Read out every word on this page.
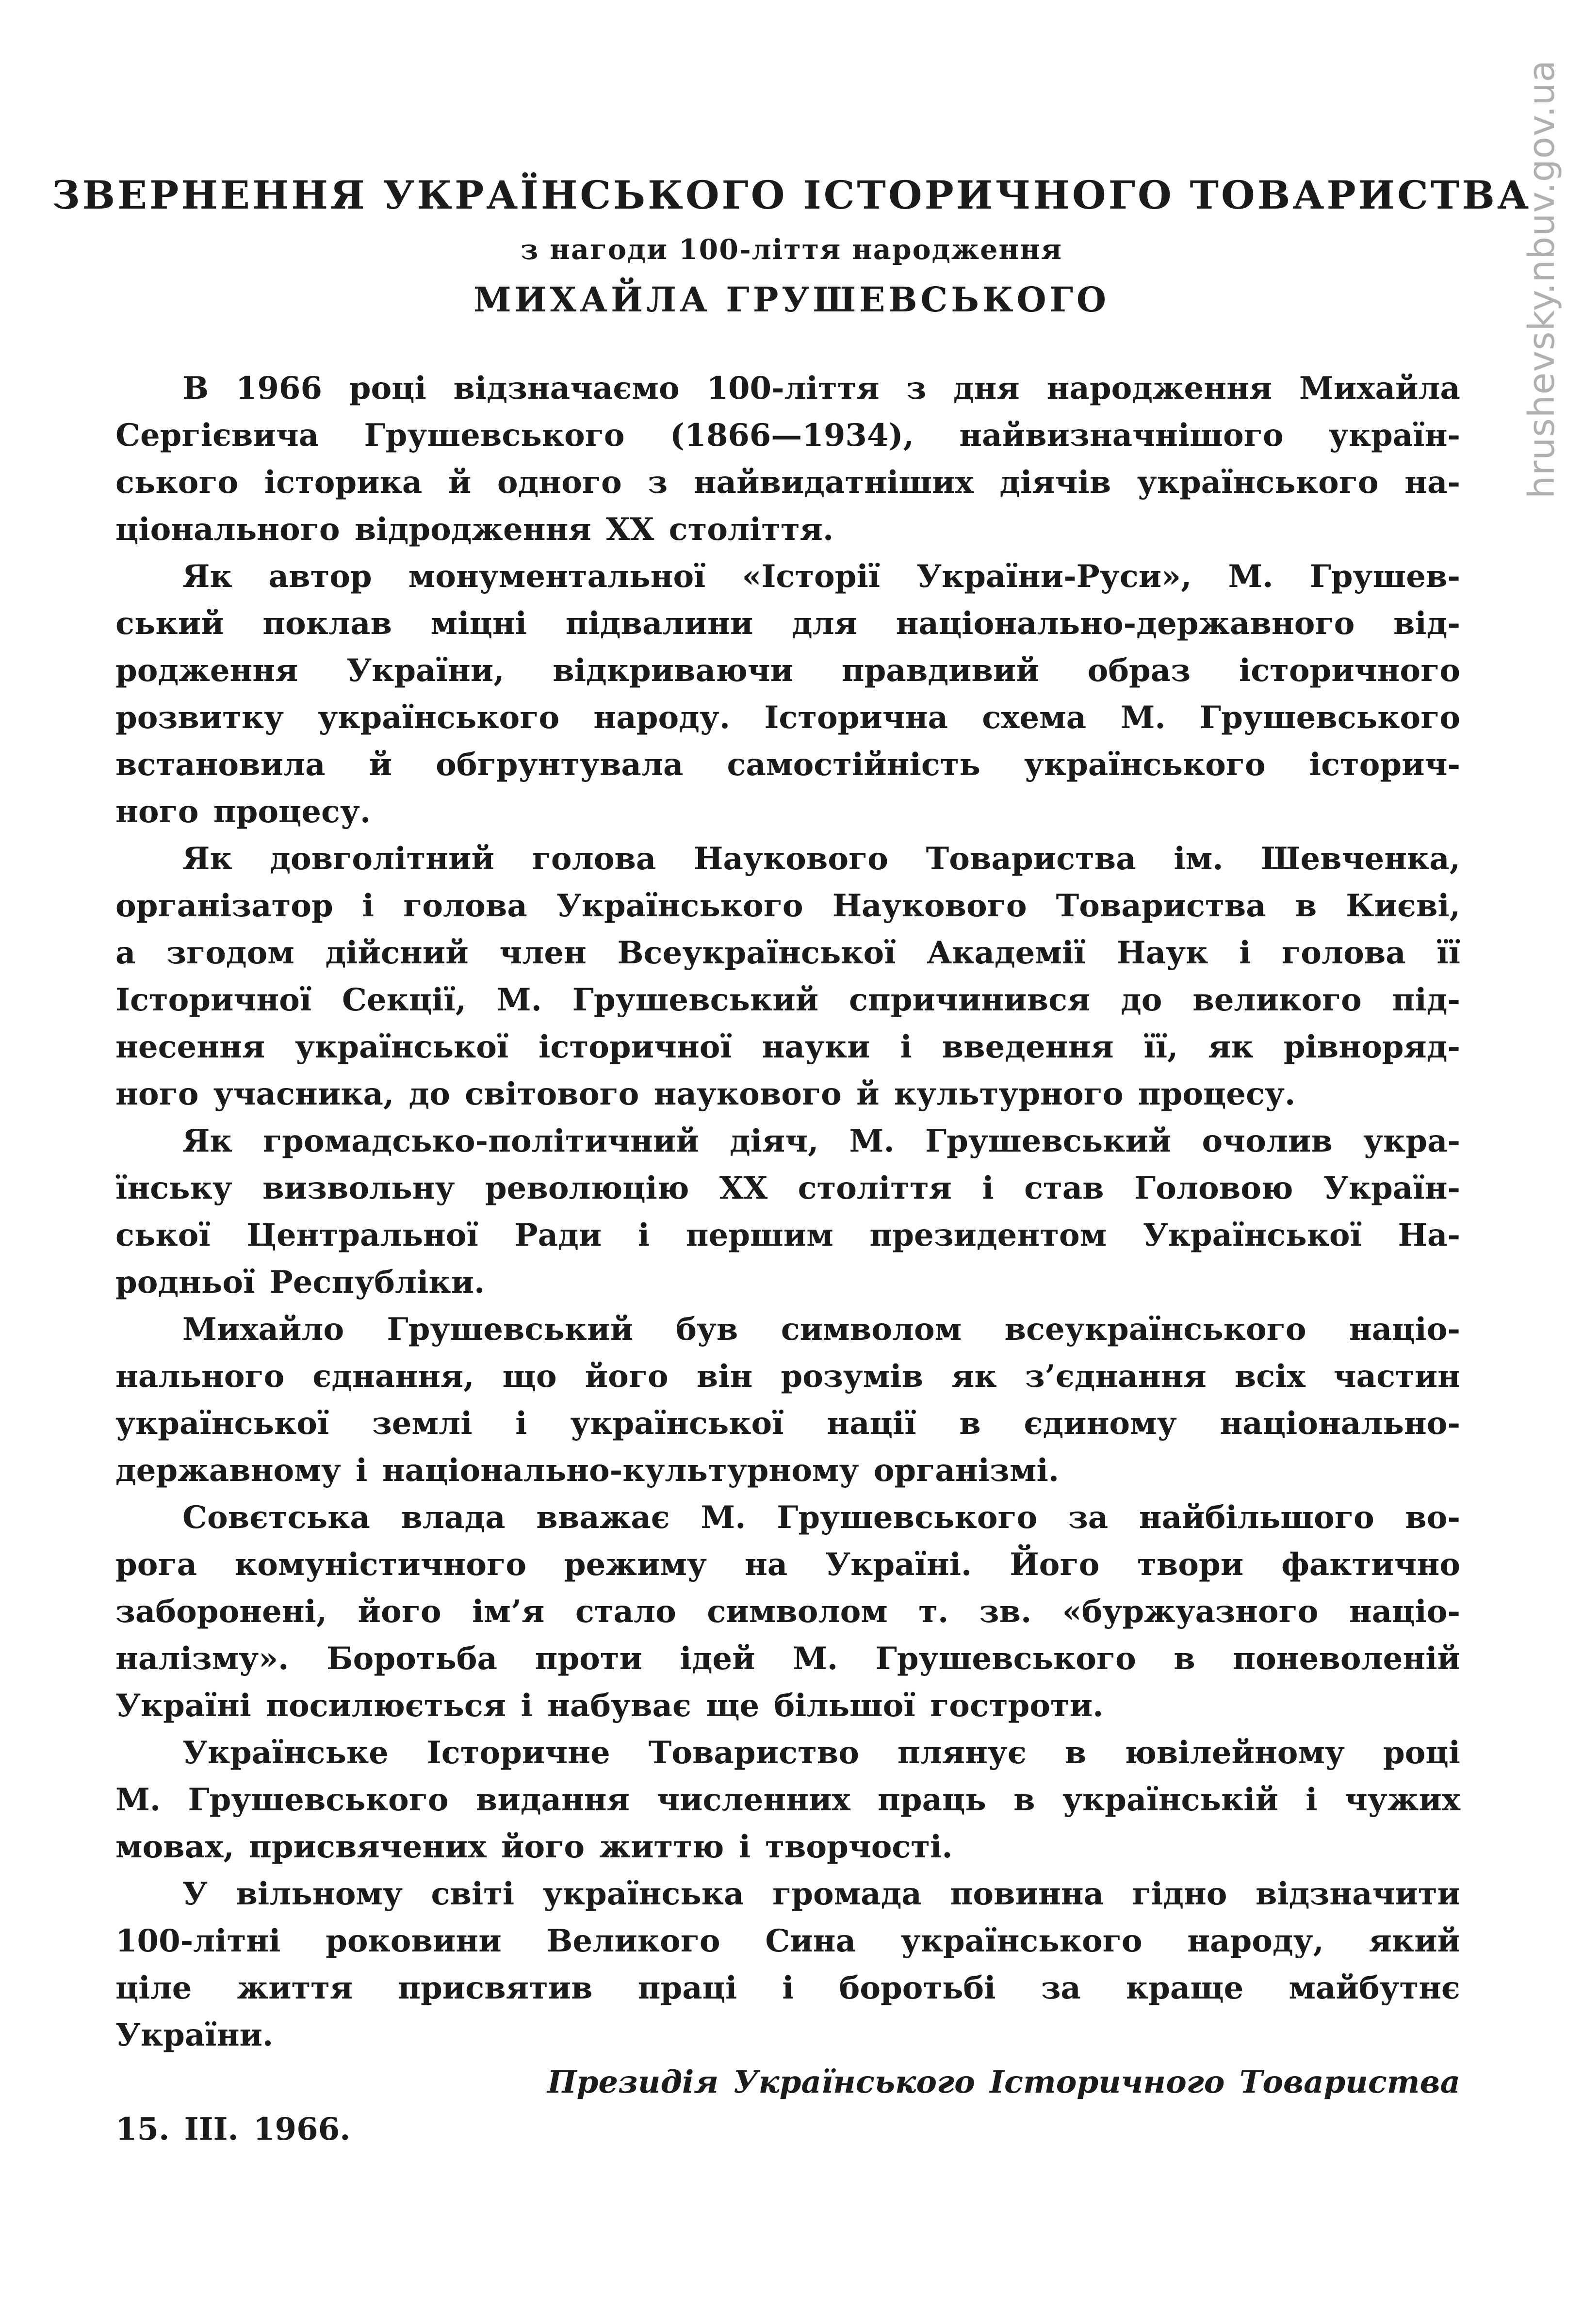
hrushevsky.nbuv.gov.ua
ЗВЕРНЕННЯ УКРАЇНСЬКОГО ІСТОРИЧНОГО ТОВАРИСТВА
з нагоди 100-ліття народження
МИХАЙЛА ГРУШЕВСЬКОГО
В 1966 році відзначаємо 100-ліття з дня народження Михайла
Сергієвича Грушевського (1866—1934), найвизначнішого україн-
ського історика й одного з найвидатніших діячів українського на-
ціонального відродження XX століття.
Як автор монументальної «Історії України-Руси», М. Грушев-
ський поклав міцні підвалини для національно-державного від-
родження України, відкриваючи правдивий образ історичного
розвитку українського народу. Історична схема М. Грушевського
встановила й обгрунтувала самостійність українського історич-
ного процесу.
Як довголітний голова Наукового Товариства ім. Шевченка,
організатор і голова Українського Наукового Товариства в Києві,
а згодом дійсний член Всеукраїнської Академії Наук і голова її
Історичної Секції, М. Грушевський спричинився до великого під-
несення української історичної науки і введення її, як рівноряд-
ного учасника, до світового наукового й культурного процесу.
Як громадсько-політичний діяч, М. Грушевський очолив укра-
їнську визвольну революцію XX століття і став Головою Україн-
ської Центральної Ради і першим президентом Української На-
родньої Республіки.
Михайло Грушевський був символом всеукраїнського націо-
нального єднання, що його він розумів як з’єднання всіх частин
української землі і української нації в єдиному національно-
державному і національно-культурному організмі.
Совєтська влада вважає М. Грушевського за найбільшого во-
рога комуністичного режиму на Україні. Його твори фактично
заборонені, його ім’я стало символом т. зв. «буржуазного націо-
налізму». Боротьба проти ідей М. Грушевського в поневоленій
Україні посилюється і набуває ще більшої гостроти.
Українське Історичне Товариство плянує в ювілейному році
М. Грушевського видання численних праць в українській і чужих
мовах, присвячених його життю і творчості.
У вільному світі українська громада повинна гідно відзначити
100-літні роковини Великого Сина українського народу, який
ціле життя присвятив праці і боротьбі за краще майбутнє
України.
Президія Українського Історичного Товариства
15. III. 1966.
